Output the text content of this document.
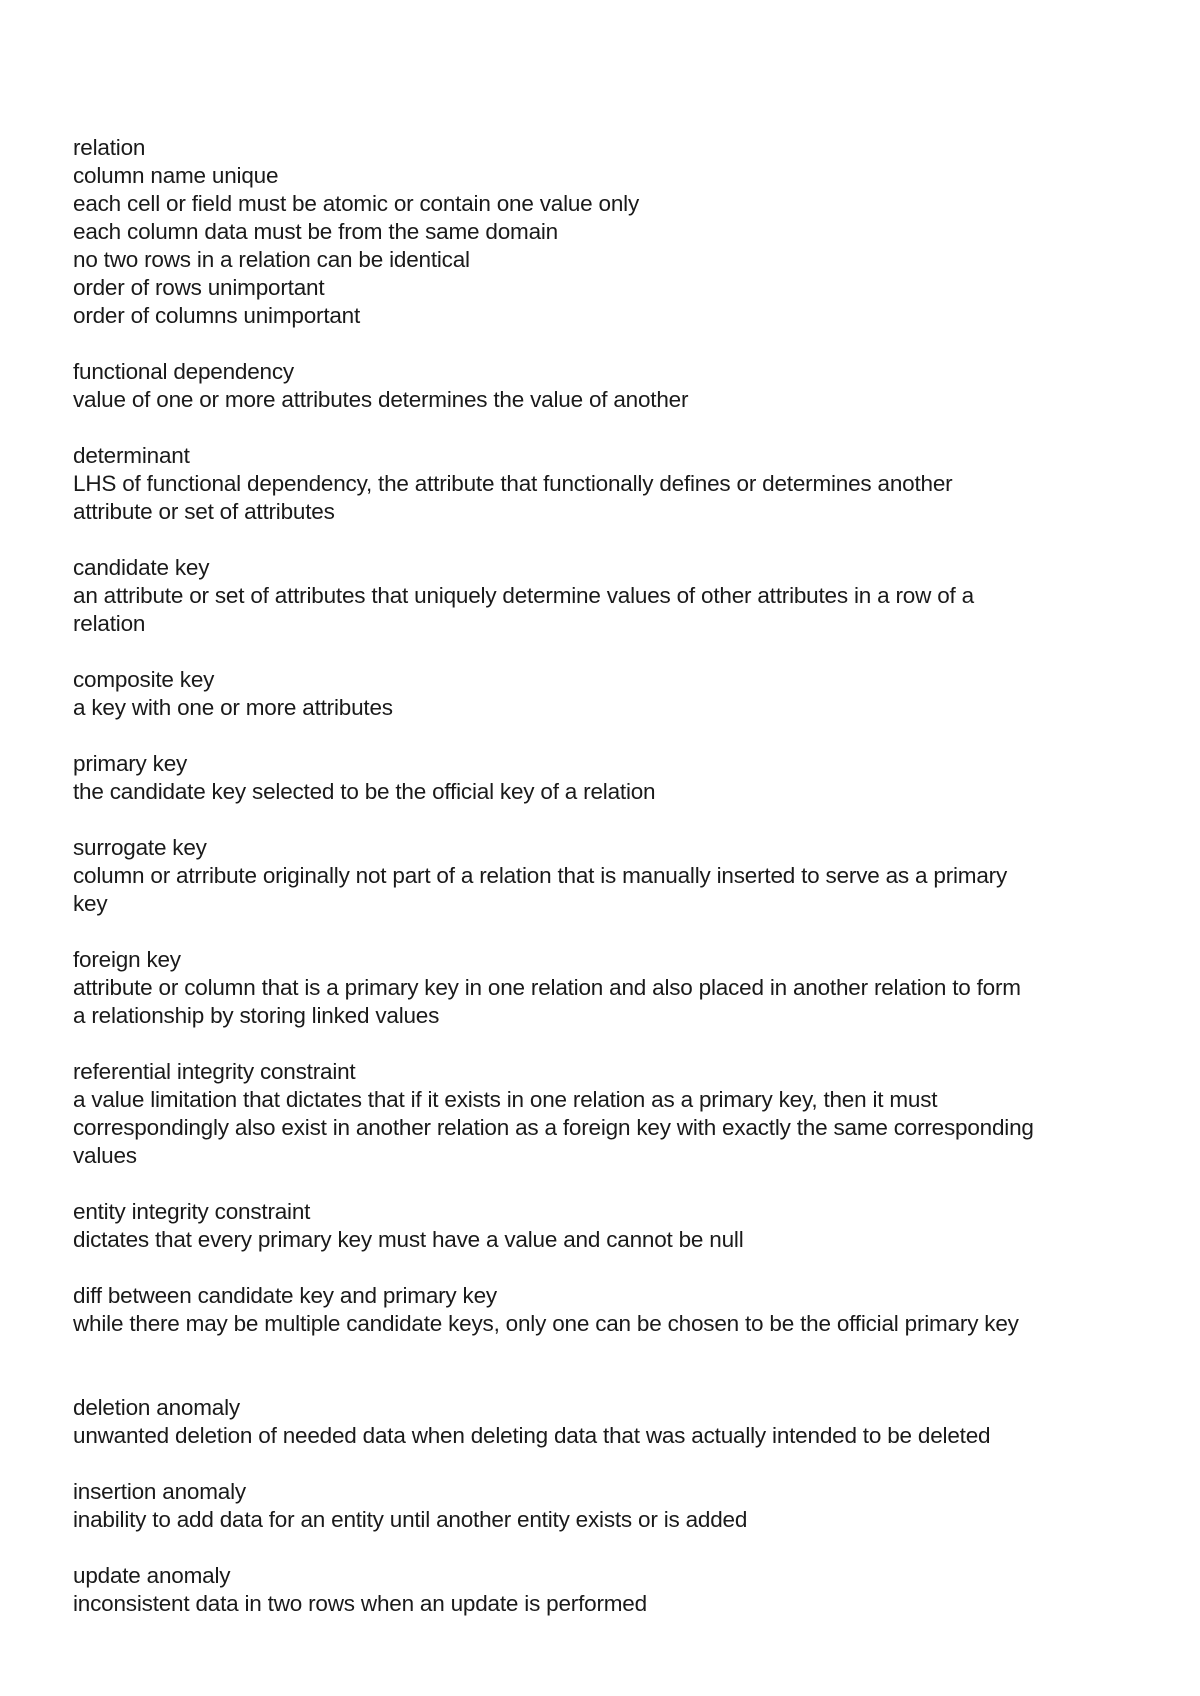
relation
column name unique
each cell or field must be atomic or contain one value only
each column data must be from the same domain
no two rows in a relation can be identical
order of rows unimportant
order of columns unimportant
functional dependency
value of one or more attributes determines the value of another
determinant
LHS of functional dependency, the attribute that functionally defines or determines another
attribute or set of attributes
candidate key
an attribute or set of attributes that uniquely determine values of other attributes in a row of a
relation
composite key
a key with one or more attributes
primary key
the candidate key selected to be the official key of a relation
surrogate key
column or atrribute originally not part of a relation that is manually inserted to serve as a primary
key
foreign key
attribute or column that is a primary key in one relation and also placed in another relation to form
a relationship by storing linked values
referential integrity constraint
a value limitation that dictates that if it exists in one relation as a primary key, then it must
correspondingly also exist in another relation as a foreign key with exactly the same corresponding
values
entity integrity constraint
dictates that every primary key must have a value and cannot be null
diff between candidate key and primary key
while there may be multiple candidate keys, only one can be chosen to be the official primary key
deletion anomaly
unwanted deletion of needed data when deleting data that was actually intended to be deleted
insertion anomaly
inability to add data for an entity until another entity exists or is added
update anomaly
inconsistent data in two rows when an update is performed
